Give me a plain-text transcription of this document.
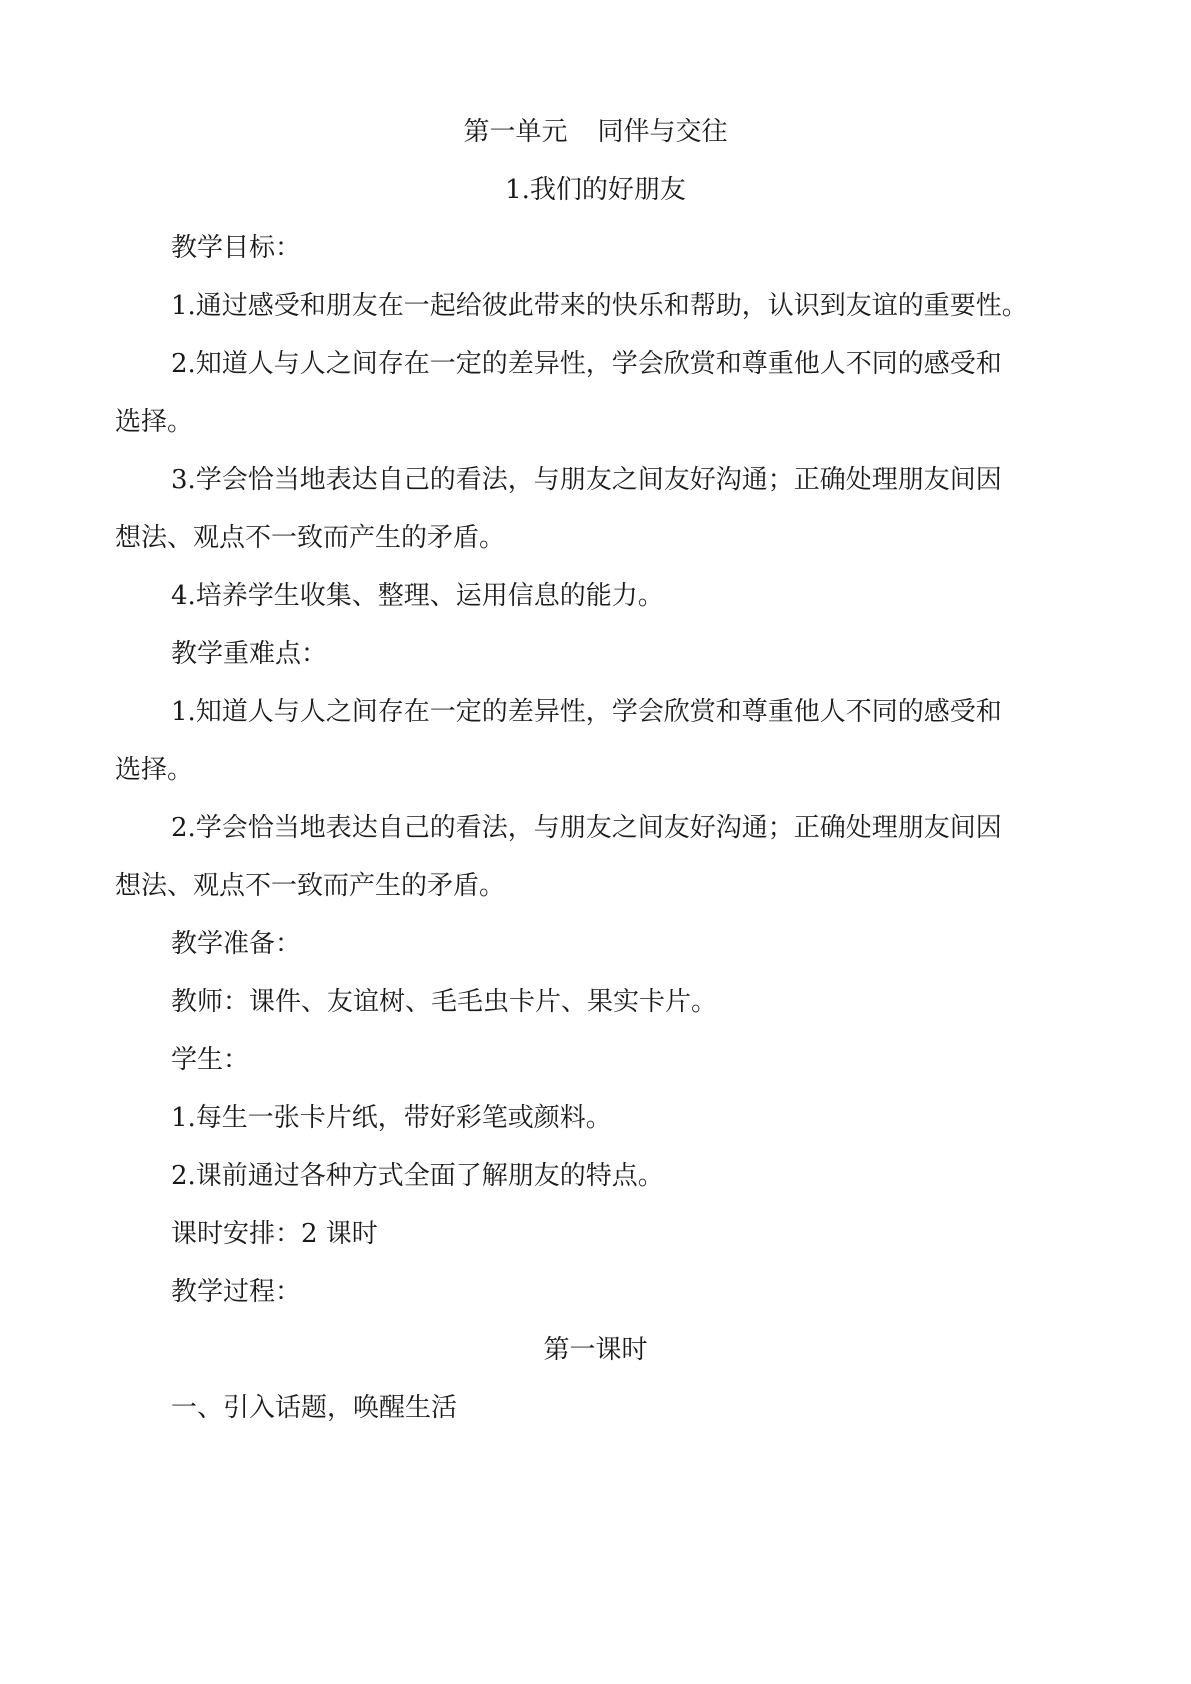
第一单元 同伴与交往
1.我们的好朋友
教学目标：
1.通过感受和朋友在一起给彼此带来的快乐和帮助，认识到友谊的重要性。
2.知道人与人之间存在一定的差异性，学会欣赏和尊重他人不同的感受和
选择。
3.学会恰当地表达自己的看法，与朋友之间友好沟通；正确处理朋友间因
想法、观点不一致而产生的矛盾。
4.培养学生收集、整理、运用信息的能力。
教学重难点：
1.知道人与人之间存在一定的差异性，学会欣赏和尊重他人不同的感受和
选择。
2.学会恰当地表达自己的看法，与朋友之间友好沟通；正确处理朋友间因
想法、观点不一致而产生的矛盾。
教学准备：
教师：课件、友谊树、毛毛虫卡片、果实卡片。
学生：
1.每生一张卡片纸，带好彩笔或颜料。
2.课前通过各种方式全面了解朋友的特点。
课时安排：2 课时
教学过程：
第一课时
一、引入话题，唤醒生活
